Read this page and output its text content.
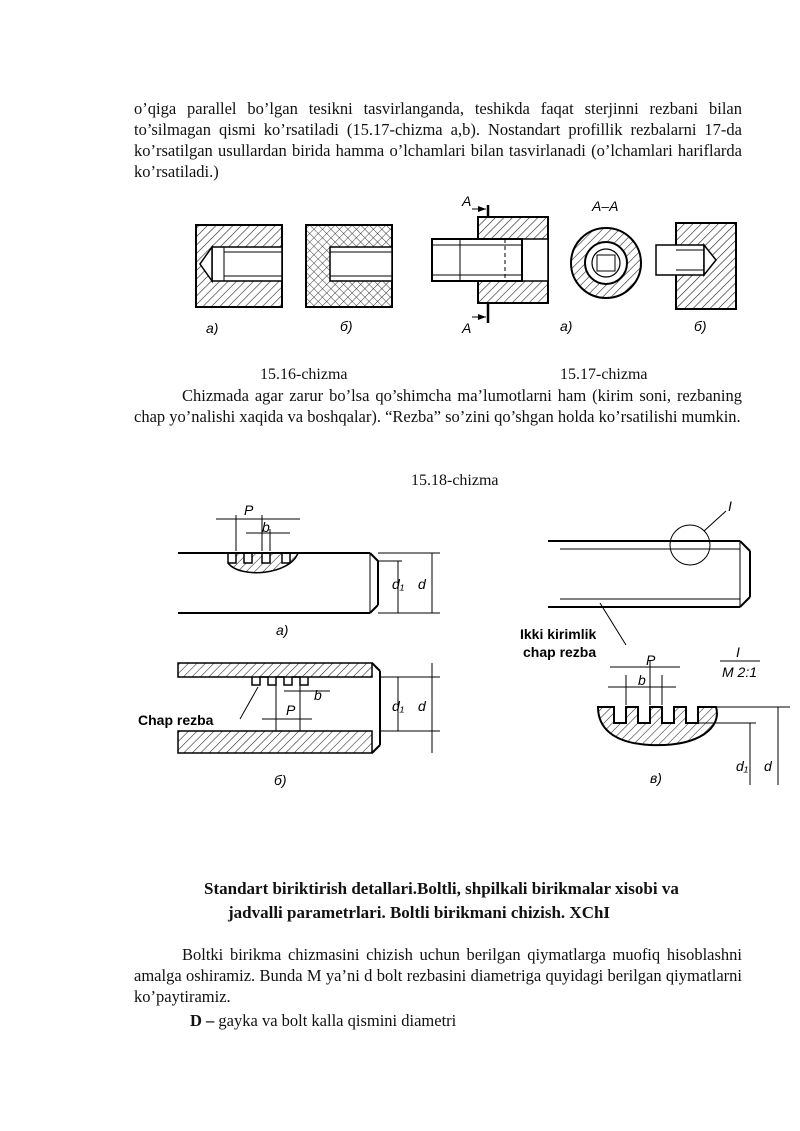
o’qiga parallel bo’lgan tesikni tasvirlanganda, teshikda faqat sterjinni rezbani bilan to’silmagan qismi ko’rsatiladi (15.17-chizma a,b). Nostandart profillik rezbalarni 17-da ko’rsatilgan usullardan birida hamma o’lchamlari bilan tasvirlanadi (o’lchamlari hariflarda ko’rsatiladi.)

A
A
A–A
a)	б)	a)	б)
15.16-chizma	15.17-chizma

Chizmada agar zarur bo’lsa qo’shimcha ma’lumotlarni ham (kirim soni, rezbaning chap yo’nalishi xaqida va boshqalar). “Rezba” so’zini qo’shgan holda ko’rsatilishi mumkin.

15.18-chizma
P
b
d₁ d
a)
b
P
Chap rezba
d₁ d
б)
I
Ikki kirimlik
chap rezba	I
M 2:1
P
b
d₁ d
в)
Standart biriktirish detallari.Boltli, shpilkali birikmalar xisobi va
jadvalli parametrlari. Boltli birikmani chizish. XChI

Boltki birikma chizmasini chizish uchun berilgan qiymatlarga muofiq hisoblashni amalga oshiramiz. Bunda M ya’ni d bolt rezbasini diametriga quyidagi berilgan qiymatlarni ko’paytiramiz.

D – gayka va bolt kalla qismini diametri
